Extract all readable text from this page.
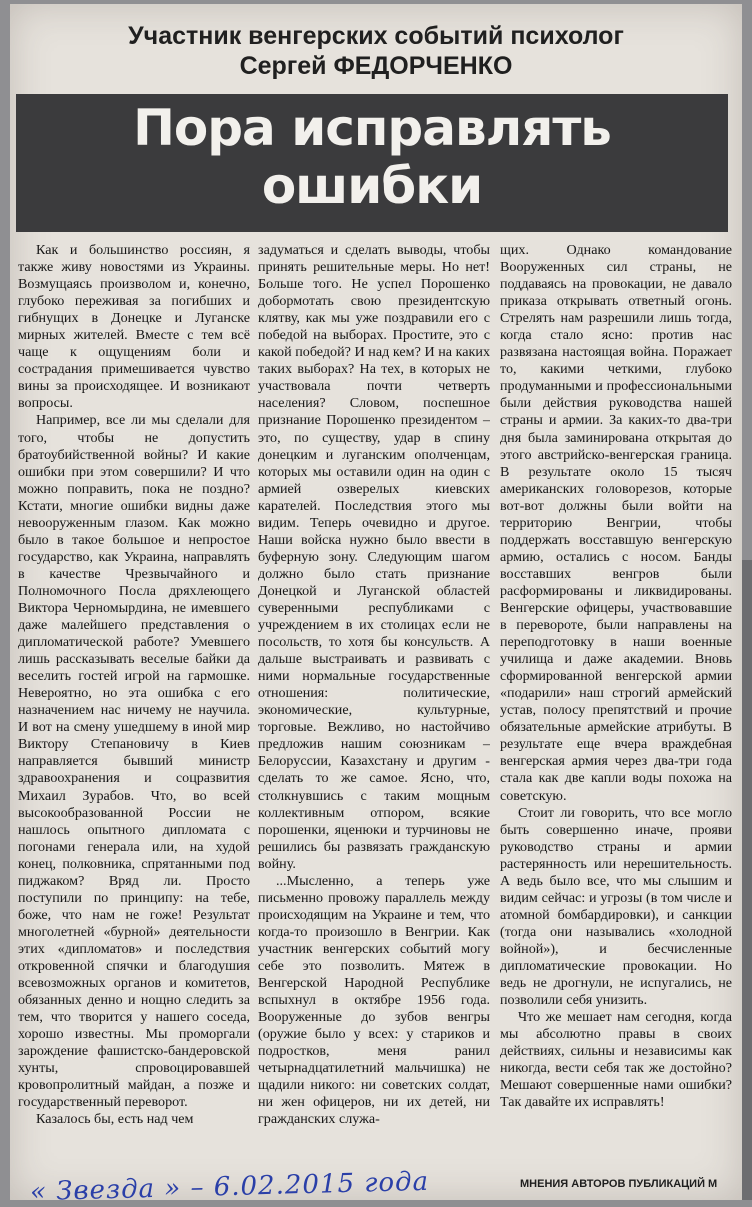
Участник венгерских событий психолог
Сергей ФЕДОРЧЕНКО
Пора исправлять
ошибки

Как и большинство россиян, я также живу новостями из Украины. Возмущаясь произволом и, конечно, глубоко переживая за погибших и гибнущих в Донецке и Луганске мирных жителей. Вместе с тем всё чаще к ощущениям боли и сострадания примешивается чувство вины за происходящее. И возникают вопросы.

Например, все ли мы сделали для того, чтобы не допустить братоубийственной войны? И какие ошибки при этом совершили? И что можно поправить, пока не поздно? Кстати, многие ошибки видны даже невооруженным глазом. Как можно было в такое большое и непростое государство, как Украина, направлять в качестве Чрезвычайного и Полномочного Посла дряхлеющего Виктора Черномырдина, не имевшего даже малейшего представления о дипломатической работе? Умевшего лишь рассказывать веселые байки да веселить гостей игрой на гармошке. Невероятно, но эта ошибка с его назначением нас ничему не научила. И вот на смену ушедшему в иной мир Виктору Степановичу в Киев направляется бывший министр здравоохранения и соцразвития Михаил Зурабов. Что, во всей высокообразованной России не нашлось опытного дипломата с погонами генерала или, на худой конец, полковника, спрятанными под пиджаком? Вряд ли. Просто поступили по принципу: на тебе, боже, что нам не гоже! Результат многолетней «бурной» деятельности этих «дипломатов» и последствия откровенной спячки и благодушия всевозможных органов и комитетов, обязанных денно и нощно следить за тем, что творится у нашего соседа, хорошо известны. Мы проморгали зарождение фашистско-бандеровской хунты, спровоцировавшей кровопролитный майдан, а позже и государственный переворот.

Казалось бы, есть над чем

задуматься и сделать выводы, чтобы принять решительные меры. Но нет! Больше того. Не успел Порошенко добормотать свою президентскую клятву, как мы уже поздравили его с победой на выборах. Простите, это с какой победой? И над кем? И на каких таких выборах? На тех, в которых не участвовала почти четверть населения? Словом, поспешное признание Порошенко президентом – это, по существу, удар в спину донецким и луганским ополченцам, которых мы оставили один на один с армией озверелых киевских карателей. Последствия этого мы видим. Теперь очевидно и другое. Наши войска нужно было ввести в буферную зону. Следующим шагом должно было стать признание Донецкой и Луганской областей суверенными республиками с учреждением в их столицах если не посольств, то хотя бы консульств. А дальше выстраивать и развивать с ними нормальные государственные отношения: политические, экономические, культурные, торговые. Вежливо, но настойчиво предложив нашим союзникам – Белоруссии, Казахстану и другим - сделать то же самое. Ясно, что, столкнувшись с таким мощным коллективным отпором, всякие порошенки, яценюки и турчиновы не решились бы развязать гражданскую войну.

...Мысленно, а теперь уже письменно провожу параллель между происходящим на Украине и тем, что когда-то произошло в Венгрии. Как участник венгерских событий могу себе это позволить. Мятеж в Венгерской Народной Республике вспыхнул в октябре 1956 года. Вооруженные до зубов венгры (оружие было у всех: у стариков и подростков, меня ранил четырнадцатилетний мальчишка) не щадили никого: ни советских солдат, ни жен офицеров, ни их детей, ни гражданских служа-

щих. Однако командование Вооруженных сил страны, не поддаваясь на провокации, не давало приказа открывать ответный огонь. Стрелять нам разрешили лишь тогда, когда стало ясно: против нас развязана настоящая война. Поражает то, какими четкими, глубоко продуманными и профессиональными были действия руководства нашей страны и армии. За каких-то два-три дня была заминирована открытая до этого австрийско-венгерская граница. В результате около 15 тысяч американских головорезов, которые вот-вот должны были войти на территорию Венгрии, чтобы поддержать восставшую венгерскую армию, остались с носом. Банды восставших венгров были расформированы и ликвидированы. Венгерские офицеры, участвовавшие в перевороте, были направлены на переподготовку в наши военные училища и даже академии. Вновь сформированной венгерской армии «подарили» наш строгий армейский устав, полосу препятствий и прочие обязательные армейские атрибуты. В результате еще вчера враждебная венгерская армия через два-три года стала как две капли воды похожа на советскую.

Стоит ли говорить, что все могло быть совершенно иначе, прояви руководство страны и армии растерянность или нерешительность. А ведь было все, что мы слышим и видим сейчас: и угрозы (в том числе и атомной бомбардировки), и санкции (тогда они назывались «холодной войной»), и бесчисленные дипломатические провокации. Но ведь не дрогнули, не испугались, не позволили себя унизить.

Что же мешает нам сегодня, когда мы абсолютно правы в своих действиях, сильны и независимы как никогда, вести себя так же достойно? Мешают совершенные нами ошибки? Так давайте их исправлять!

« Звезда » – 6.02.2015 года	МНЕНИЯ АВТОРОВ ПУБЛИКАЦИЙ М
